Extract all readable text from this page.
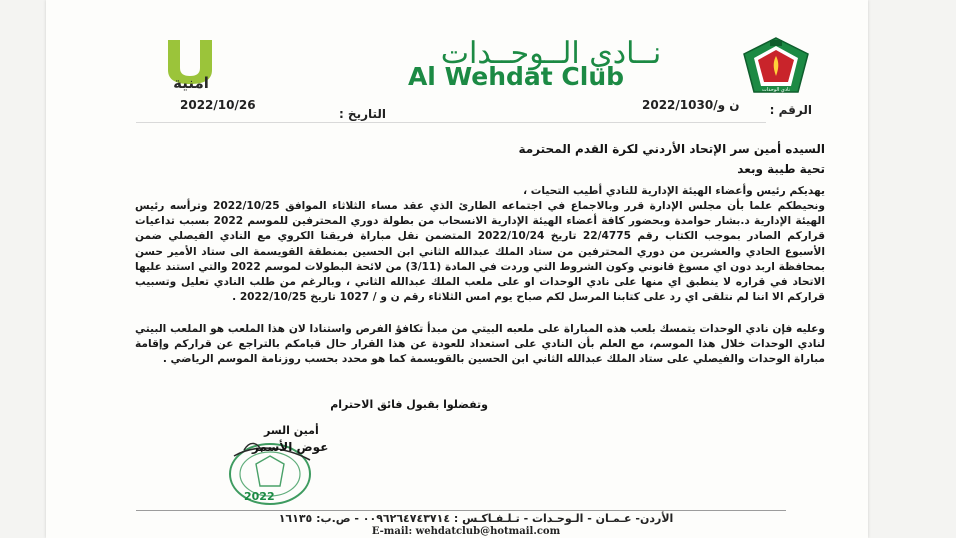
نادي الوحدات
نــادي الــوحــدات
Al Wehdat Club
امنية
الرقم :
ن و/2022/1030
التاريخ :
2022/10/26
السيده أمين سر الإتحاد الأردني لكرة القدم المحترمة
تحية طيبة وبعد
يهديكم رئيس وأعضاء الهيئة الإدارية للنادي أطيب التحيات ،
ونحيطكم علما بأن مجلس الإدارة قرر وبالاجماع في اجتماعه الطارئ الذي عقد مساء الثلاثاء الموافق 2022/10/25 وترأسه رئيس الهيئة الإدارية د.بشار حوامدة وبحضور كافة أعضاء الهيئة الإدارية الانسحاب من بطولة دوري المحترفين للموسم 2022 بسبب تداعيات قراركم الصادر بموجب الكتاب رقم 22/4775 تاريخ 2022/10/24 المتضمن نقل مباراة فريقنا الكروي مع النادي الفيصلي ضمن الأسبوع الحادي والعشرين من دوري المحترفين من ستاد الملك عبدالله الثاني ابن الحسين بمنطقة القويسمة الى ستاد الأمير حسن بمحافظة اربد دون اي مسوغ قانوني وكون الشروط التي وردت في المادة (3/11) من لائحة البطولات لموسم 2022 والتي استند عليها الاتحاد في قراره لا ينطبق اي منها على نادي الوحدات او على ملعب الملك عبدالله الثاني ، وبالرغم من طلب النادي تعليل وتسبيب قراركم الا اننا لم نتلقى اي رد على كتابنا المرسل لكم صباح يوم امس الثلاثاء رقم ن و / 1027 تاريخ 2022/10/25 .
وعليه فإن نادي الوحدات يتمسك بلعب هذه المباراة على ملعبه البيتي من مبدأ تكافؤ الفرص واستنادا لان هذا الملعب هو الملعب البيتي لنادي الوحدات خلال هذا الموسم، مع العلم بأن النادي على استعداد للعودة عن هذا القرار حال قيامكم بالتراجع عن قراركم وإقامة مباراة الوحدات والفيصلي على ستاد الملك عبدالله الثاني ابن الحسين بالقويسمة كما هو محدد بحسب روزنامة الموسم الرياضي .
وتفضلوا بقبول فائق الاحترام
أمين السر
عوض الأسمر
2022
الأردن- عـمـان - الـوحـدات - تـلـفـاكـس : ٠٠٩٦٢٦٤٧٤٣٧١٤ - ص.ب: ١٦١٣٥
E-mail: wehdatclub@hotmail.com
